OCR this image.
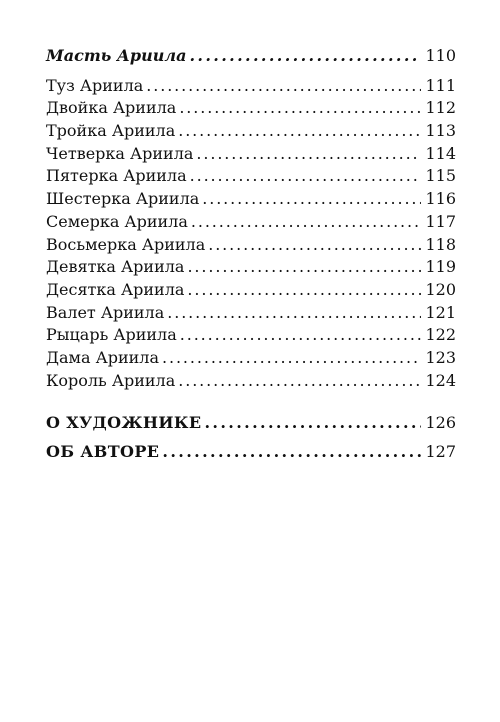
Масть Ариила . . .	110
Туз Ариила . . .	111
Двойка Ариила . . .	112
Тройка Ариила . . .	113
Четверка Ариила . . .	114
Пятерка Ариила . . .	115
Шестерка Ариила . . .	116
Семерка Ариила . . .	117
Восьмерка Ариила . . .	118
Девятка Ариила . . .	119
Десятка Ариила . . .	120
Валет Ариила . . .	121
Рыцарь Ариила . . .	122
Дама Ариила . . .	123
Король Ариила . . .	124
О ХУДОЖНИКЕ . . .	126
ОБ АВТОРЕ . . .	127
